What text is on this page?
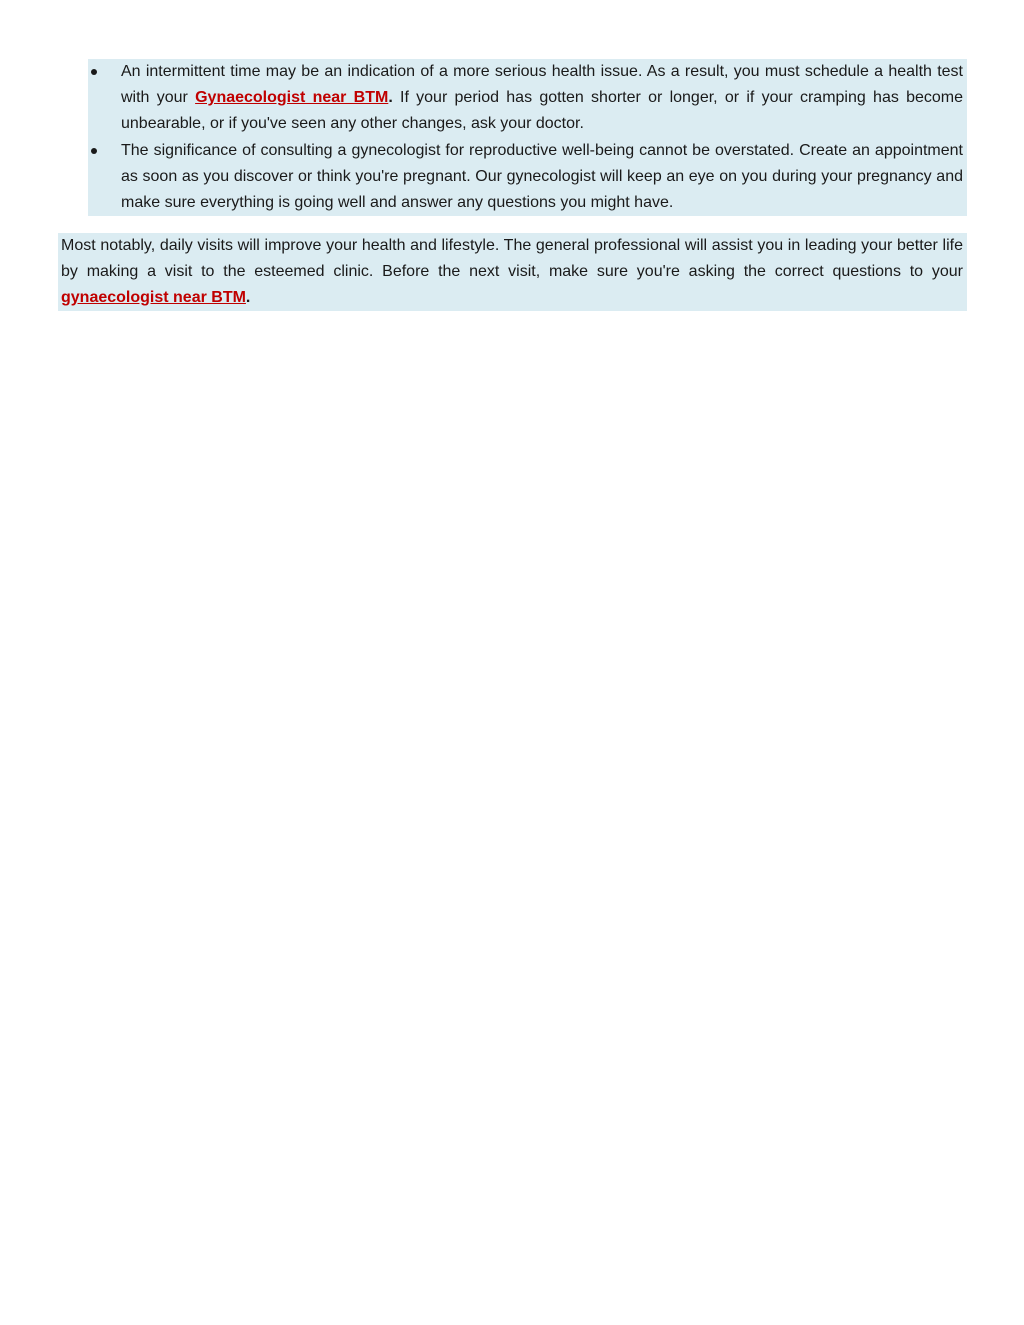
An intermittent time may be an indication of a more serious health issue. As a result, you must schedule a health test with your Gynaecologist near BTM. If your period has gotten shorter or longer, or if your cramping has become unbearable, or if you've seen any other changes, ask your doctor.
The significance of consulting a gynecologist for reproductive well-being cannot be overstated. Create an appointment as soon as you discover or think you're pregnant. Our gynecologist will keep an eye on you during your pregnancy and make sure everything is going well and answer any questions you might have.
Most notably, daily visits will improve your health and lifestyle. The general professional will assist you in leading your better life by making a visit to the esteemed clinic. Before the next visit, make sure you're asking the correct questions to your gynaecologist near BTM.
